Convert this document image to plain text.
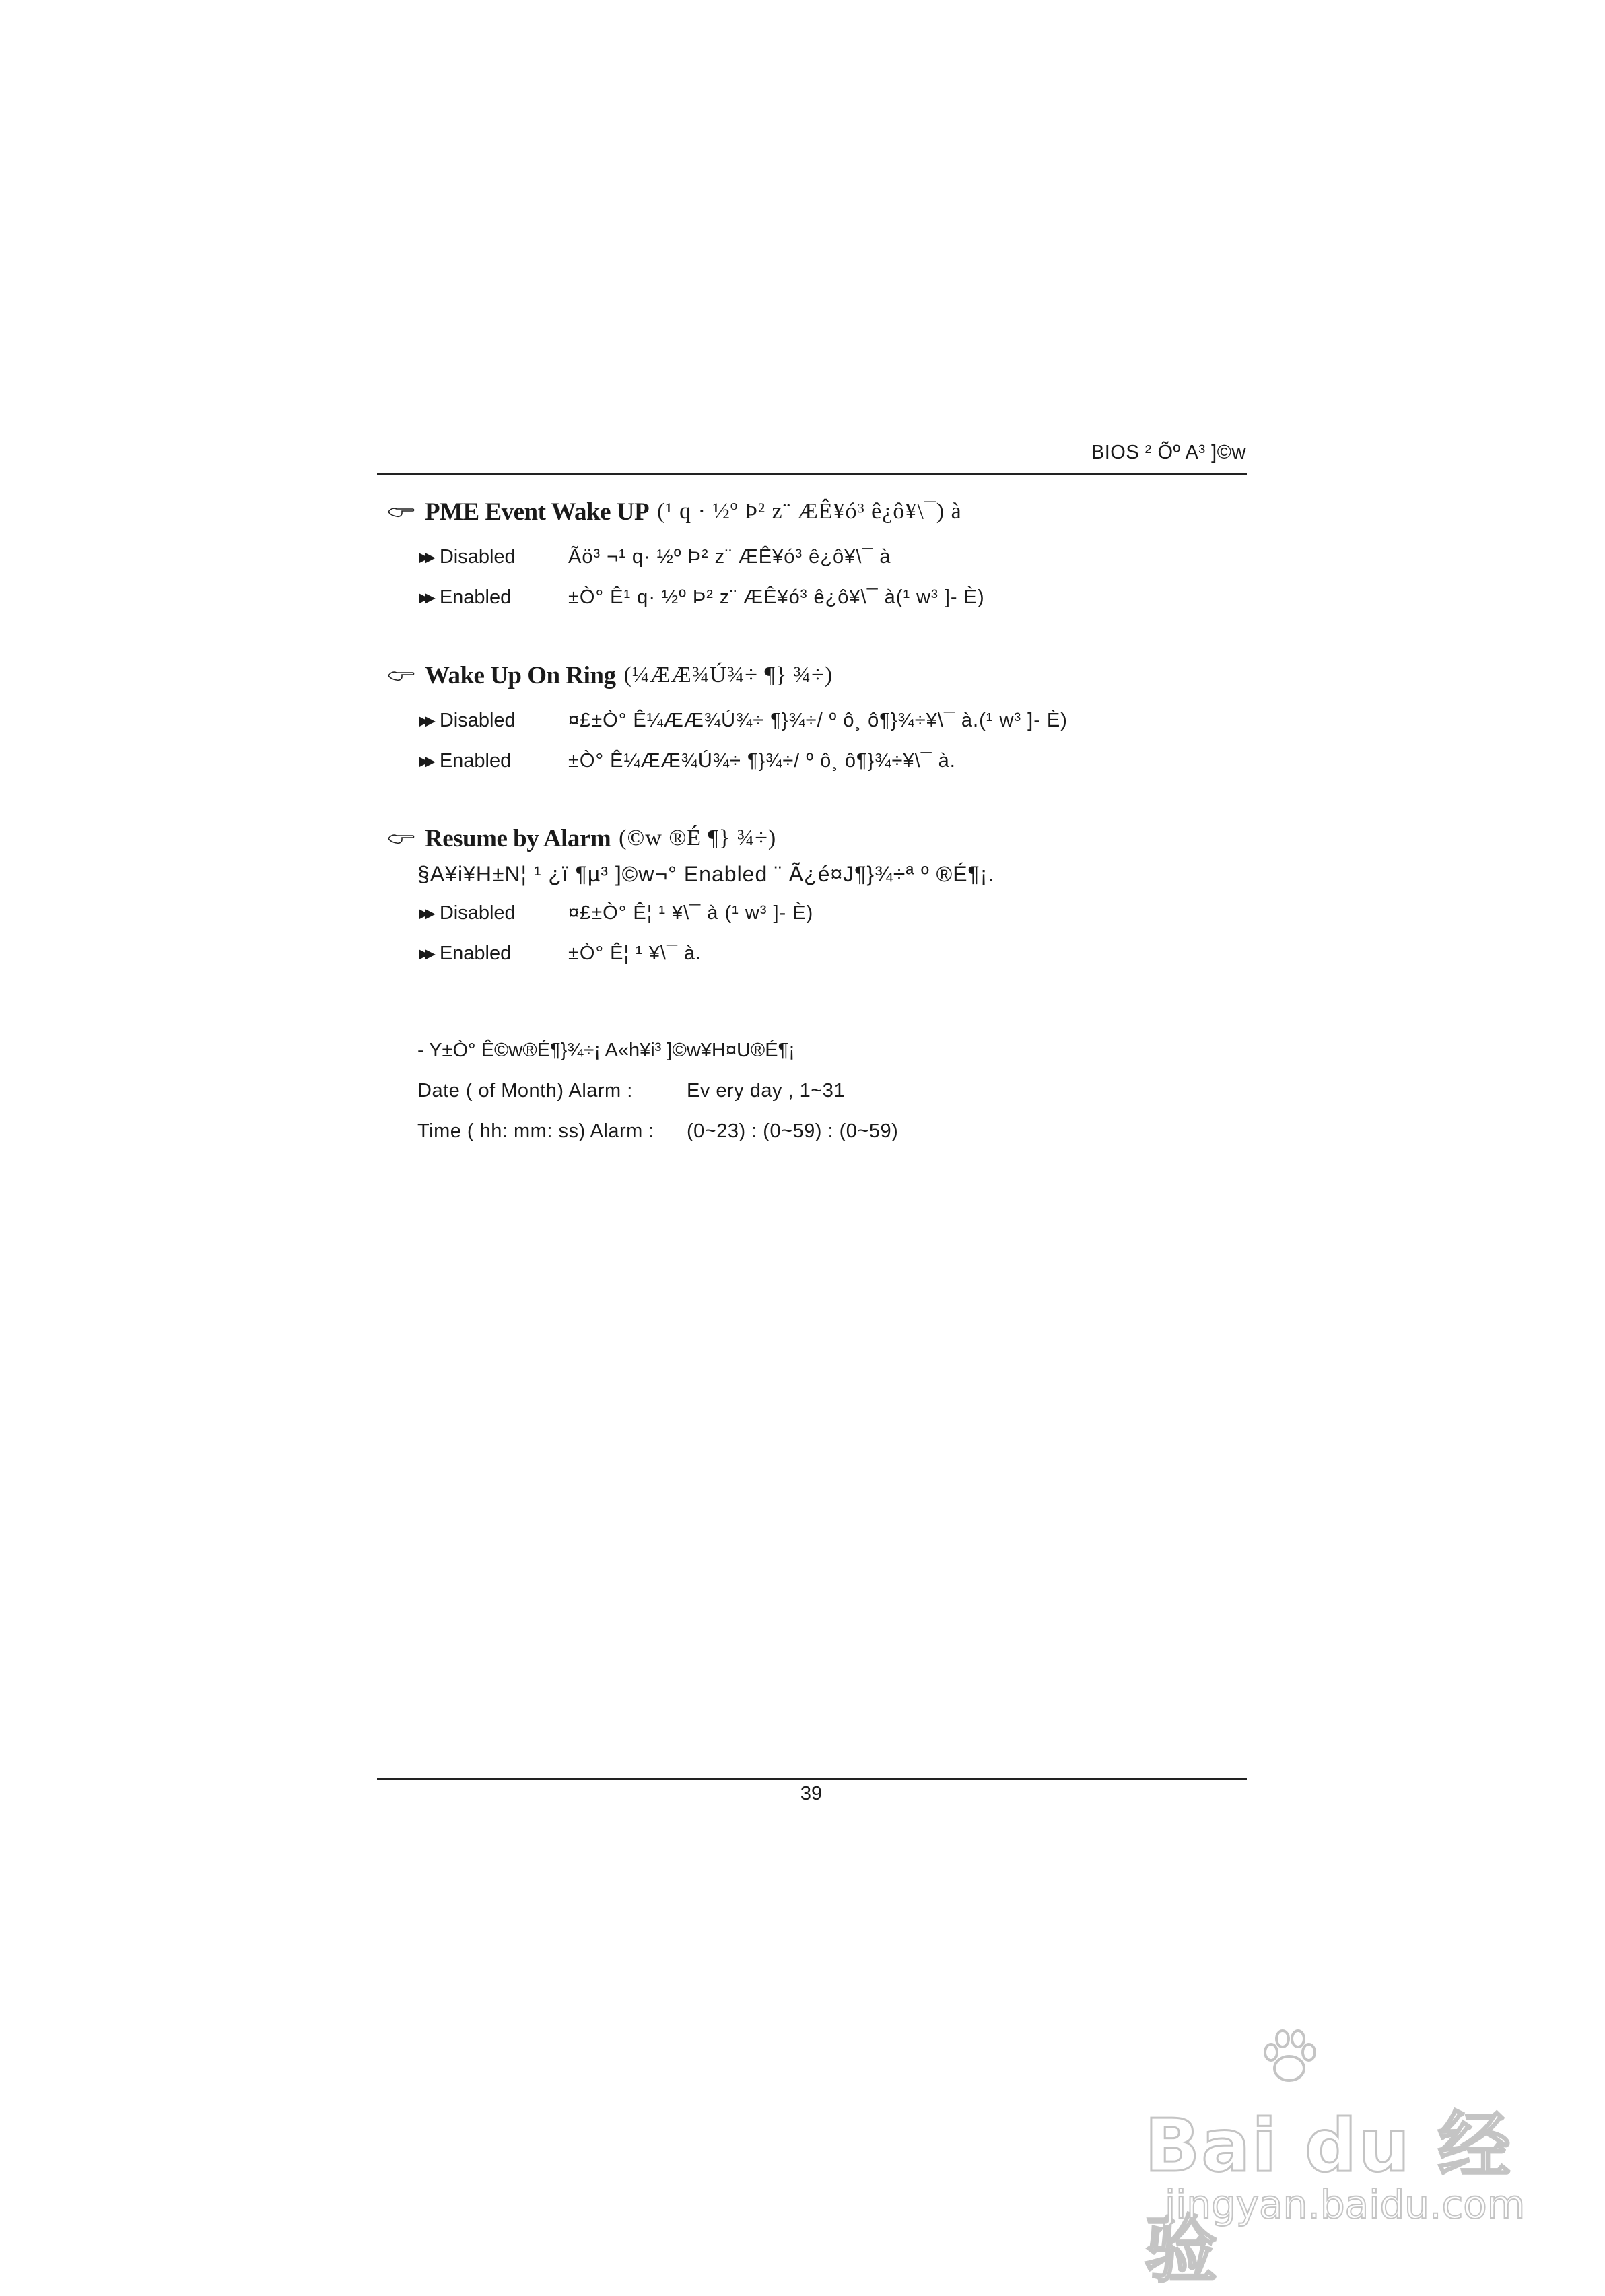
BIOS ² Õº A³ ]©w
PME Event Wake UP (¹ q · ½º Þ² z¨ ÆÊ¥ó³ ê¿ô¥\¯) à
▶▶
Disabled	Ãö³ ¬¹ q· ½º Þ² z¨ ÆÊ¥ó³ ê¿ô¥\¯ à
▶▶
Enabled	±Ò° Ê¹ q· ½º Þ² z¨ ÆÊ¥ó³ ê¿ô¥\¯ à(¹ w³ ]- È)
Wake Up On Ring (¼ÆÆ¾Ú¾÷ ¶} ¾÷)
▶▶
Disabled	¤£±Ò° Ê¼ÆÆ¾Ú¾÷ ¶}¾÷/ º ô¸ ô¶}¾÷¥\¯ à.(¹ w³ ]- È)
▶▶
Enabled	±Ò° Ê¼ÆÆ¾Ú¾÷ ¶}¾÷/ º ô¸ ô¶}¾÷¥\¯ à.
Resume by Alarm (©w ®É ¶} ¾÷)
§A¥i¥H±N¦ ¹ ¿ï ¶µ³ ]©w¬° Enabled ¨ Ã¿é¤J¶}¾÷ª º ®É¶¡.
▶▶
Disabled	¤£±Ò° Ê¦ ¹ ¥\¯ à (¹ w³ ]- È)
▶▶
Enabled	±Ò° Ê¦ ¹ ¥\¯ à.
- Y±Ò° Ê©w®É¶}¾÷¡ A«h¥i³ ]©w¥H¤U®É¶¡
Date ( of Month) Alarm :	Ev ery day , 1~31
Time ( hh: mm: ss) Alarm :	(0~23) : (0~59) : (0~59)
39
Bai du 经验
jingyan.baidu.com
